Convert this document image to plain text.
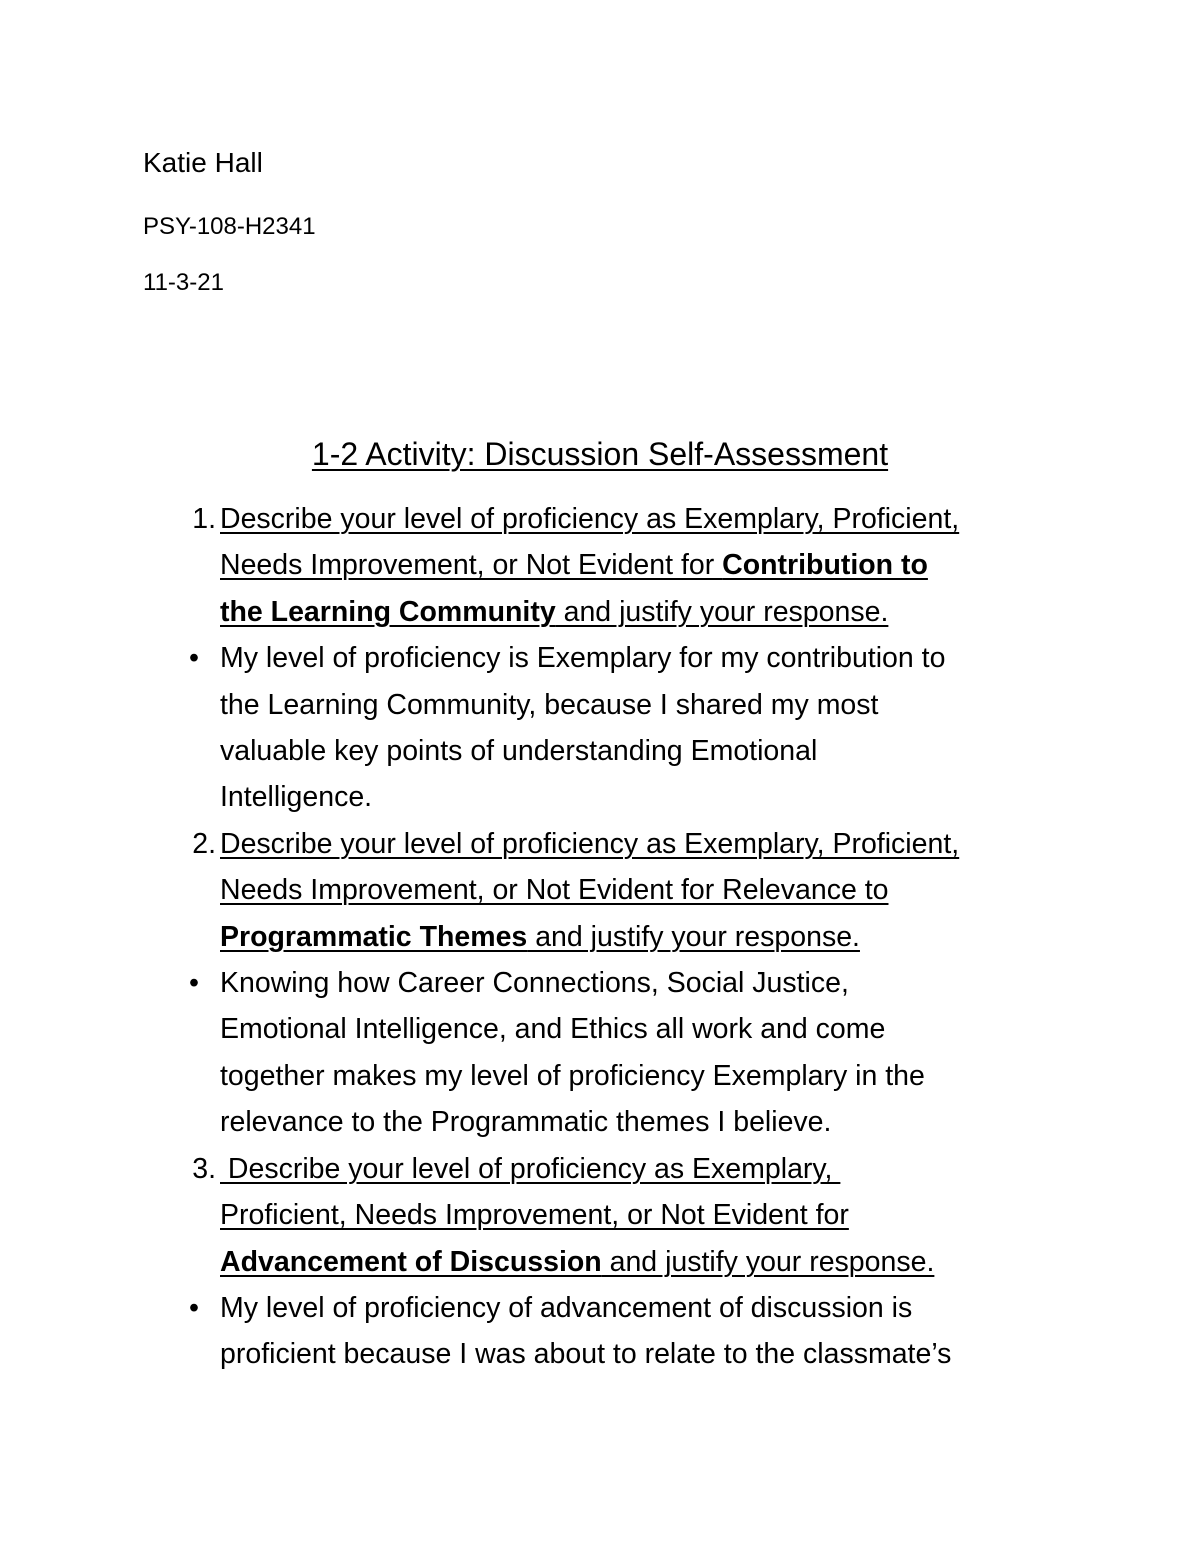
Katie Hall
PSY-108-H2341
11-3-21
1-2 Activity: Discussion Self-Assessment
1. Describe your level of proficiency as Exemplary, Proficient,
Needs Improvement, or Not Evident for Contribution to
the Learning Community and justify your response.
• My level of proficiency is Exemplary for my contribution to
the Learning Community, because I shared my most
valuable key points of understanding Emotional
Intelligence.
2. Describe your level of proficiency as Exemplary, Proficient,
Needs Improvement, or Not Evident for Relevance to
Programmatic Themes and justify your response.
• Knowing how Career Connections, Social Justice,
Emotional Intelligence, and Ethics all work and come
together makes my level of proficiency Exemplary in the
relevance to the Programmatic themes I believe.
3. Describe your level of proficiency as Exemplary,
Proficient, Needs Improvement, or Not Evident for
Advancement of Discussion and justify your response.
• My level of proficiency of advancement of discussion is
proficient because I was about to relate to the classmate’s
